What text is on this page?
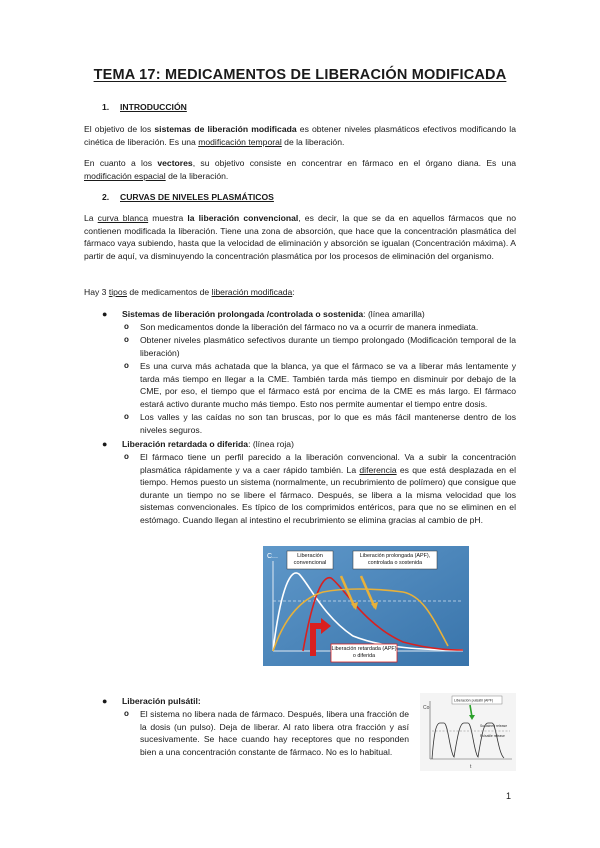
TEMA 17: MEDICAMENTOS DE LIBERACIÓN MODIFICADA
1. INTRODUCCIÓN
El objetivo de los sistemas de liberación modificada es obtener niveles plasmáticos efectivos modificando la cinética de liberación. Es una modificación temporal de la liberación.
En cuanto a los vectores, su objetivo consiste en concentrar en fármaco en el órgano diana. Es una modificación espacial de la liberación.
2. CURVAS DE NIVELES PLASMÁTICOS
La curva blanca muestra la liberación convencional, es decir, la que se da en aquellos fármacos que no contienen modificada la liberación. Tiene una zona de absorción, que hace que la concentración plasmática del fármaco vaya subiendo, hasta que la velocidad de eliminación y absorción se igualan (Concentración máxima). A partir de aquí, va disminuyendo la concentración plasmática por los procesos de eliminación del organismo.
Hay 3 tipos de medicamentos de liberación modificada:
● Sistemas de liberación prolongada /controlada o sostenida: (línea amarilla)
o Son medicamentos donde la liberación del fármaco no va a ocurrir de manera inmediata.
o Obtener niveles plasmático sefectivos durante un tiempo prolongado (Modificación temporal de la liberación)
o Es una curva más achatada que la blanca, ya que el fármaco se va a liberar más lentamente y tarda más tiempo en llegar a la CME. También tarda más tiempo en disminuir por debajo de la CME, por eso, el tiempo que el fármaco está por encima de la CME es más largo. El fármaco estará activo durante mucho más tiempo. Esto nos permite aumentar el tiempo entre dosis.
o Los valles y las caídas no son tan bruscas, por lo que es más fácil mantenerse dentro de los niveles seguros.
● Liberación retardada o diferida: (línea roja)
o El fármaco tiene un perfil parecido a la liberación convencional. Va a subir la concentración plasmática rápidamente y va a caer rápido también. La diferencia es que está desplazada en el tiempo. Hemos puesto un sistema (normalmente, un recubrimiento de polímero) que consigue que durante un tiempo no se libere el fármaco. Después, se libera a la misma velocidad que los sistemas convencionales. Es típico de los comprimidos entéricos, para que no se eliminen en el estómago. Cuando llegan al intestino el recubrimiento se elimina gracias al cambio de pH.
C...	Liberación convencional
Liberación prolongada (APF), controlada o sostenida
Liberación retardada (APF) o diferida
● Liberación pulsátil:
o El sistema no libera nada de fármaco. Después, libera una fracción de la dosis (un pulso). Deja de liberar. Al rato libera otra fracción y así sucesivamente. Se hace cuando hay receptores que no responden bien a una concentración constante de fármaco. No es lo habitual.
Co
t
Liberación pulsátil (APF)
Sustained release
Pulsatile release
1
